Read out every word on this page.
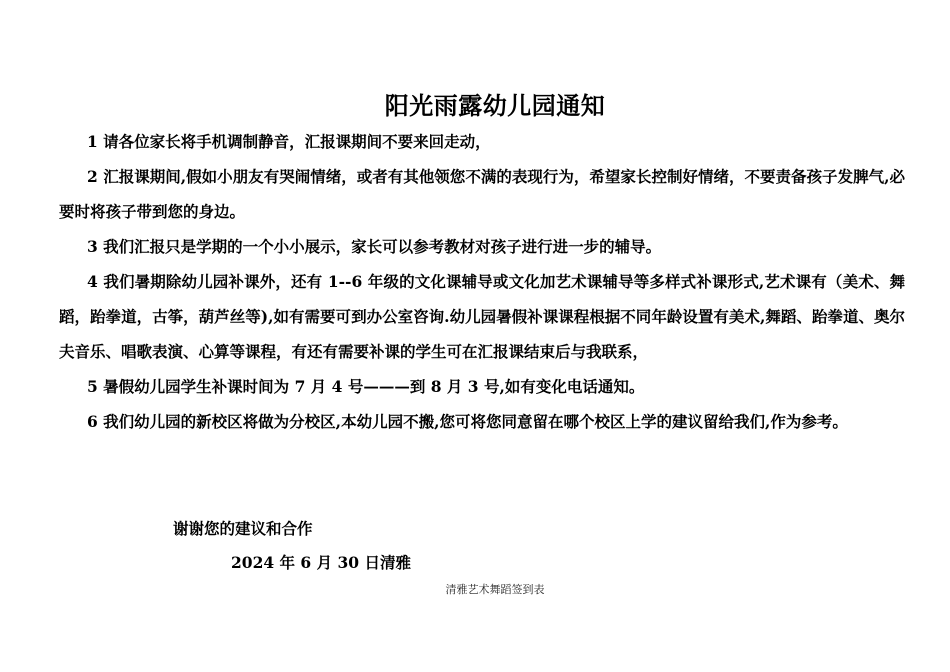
阳光雨露幼儿园通知

1 请各位家长将手机调制静音，汇报课期间不要来回走动，

2 汇报课期间,假如小朋友有哭闹情绪，或者有其他领您不满的表现行为，希望家长控制好情绪，不要责备孩子发脾气,必要时将孩子带到您的身边。

3 我们汇报只是学期的一个小小展示，家长可以参考教材对孩子进行进一步的辅导。

4 我们暑期除幼儿园补课外，还有 1--6 年级的文化课辅导或文化加艺术课辅导等多样式补课形式,艺术课有（美术、舞蹈，跆拳道，古筝，葫芦丝等),如有需要可到办公室咨询.幼儿园暑假补课课程根据不同年龄设置有美术,舞蹈、跆拳道、奥尔夫音乐、唱歌表演、心算等课程，有还有需要补课的学生可在汇报课结束后与我联系，

5 暑假幼儿园学生补课时间为 7 月 4 号———到 8 月 3 号,如有变化电话通知。

6 我们幼儿园的新校区将做为分校区,本幼儿园不搬,您可将您同意留在哪个校区上学的建议留给我们,作为参考。

谢谢您的建议和合作
2024 年 6 月 30 日清雅
清雅艺术舞蹈签到表
